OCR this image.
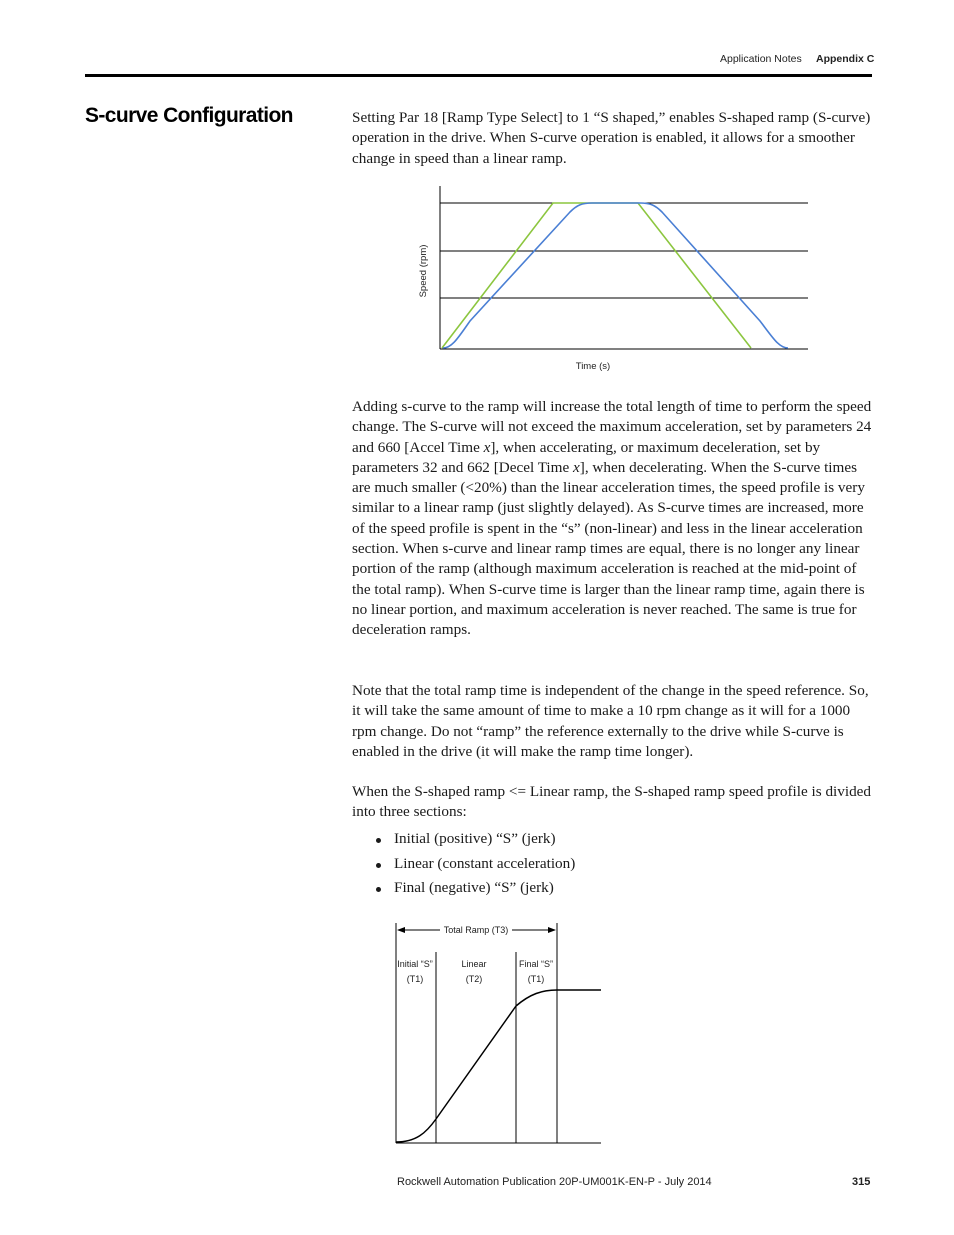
Application Notes Appendix C
S-curve Configuration	Setting Par 18 [Ramp Type Select] to 1 “S shaped,” enables S-shaped ramp (S-curve) operation in the drive. When S-curve operation is enabled, it allows for a smoother change in speed than a linear ramp.

Speed (rpm)
Time (s)

Adding s-curve to the ramp will increase the total length of time to perform the speed change. The S-curve will not exceed the maximum acceleration, set by parameters 24 and 660 [Accel Time x], when accelerating, or maximum deceleration, set by parameters 32 and 662 [Decel Time x], when decelerating. When the S-curve times are much smaller (<20%) than the linear acceleration times, the speed profile is very similar to a linear ramp (just slightly delayed). As S-curve times are increased, more of the speed profile is spent in the “s” (non-linear) and less in the linear acceleration section. When s-curve and linear ramp times are equal, there is no longer any linear portion of the ramp (although maximum acceleration is reached at the mid-point of the total ramp). When S-curve time is larger than the linear ramp time, again there is no linear portion, and maximum acceleration is never reached. The same is true for deceleration ramps.

Note that the total ramp time is independent of the change in the speed reference. So, it will take the same amount of time to make a 10 rpm change as it will for a 1000 rpm change. Do not “ramp” the reference externally to the drive while S-curve is enabled in the drive (it will make the ramp time longer).

When the S-shaped ramp <= Linear ramp, the S-shaped ramp speed profile is divided into three sections:

Initial (positive) “S” (jerk)
Linear (constant acceleration)
Final (negative) “S” (jerk)
Total Ramp (T3)
Initial “S”
(T1)
Linear
(T2)
Final “S”
(T1)
Rockwell Automation Publication 20P-UM001K-EN-P - July 2014	315
